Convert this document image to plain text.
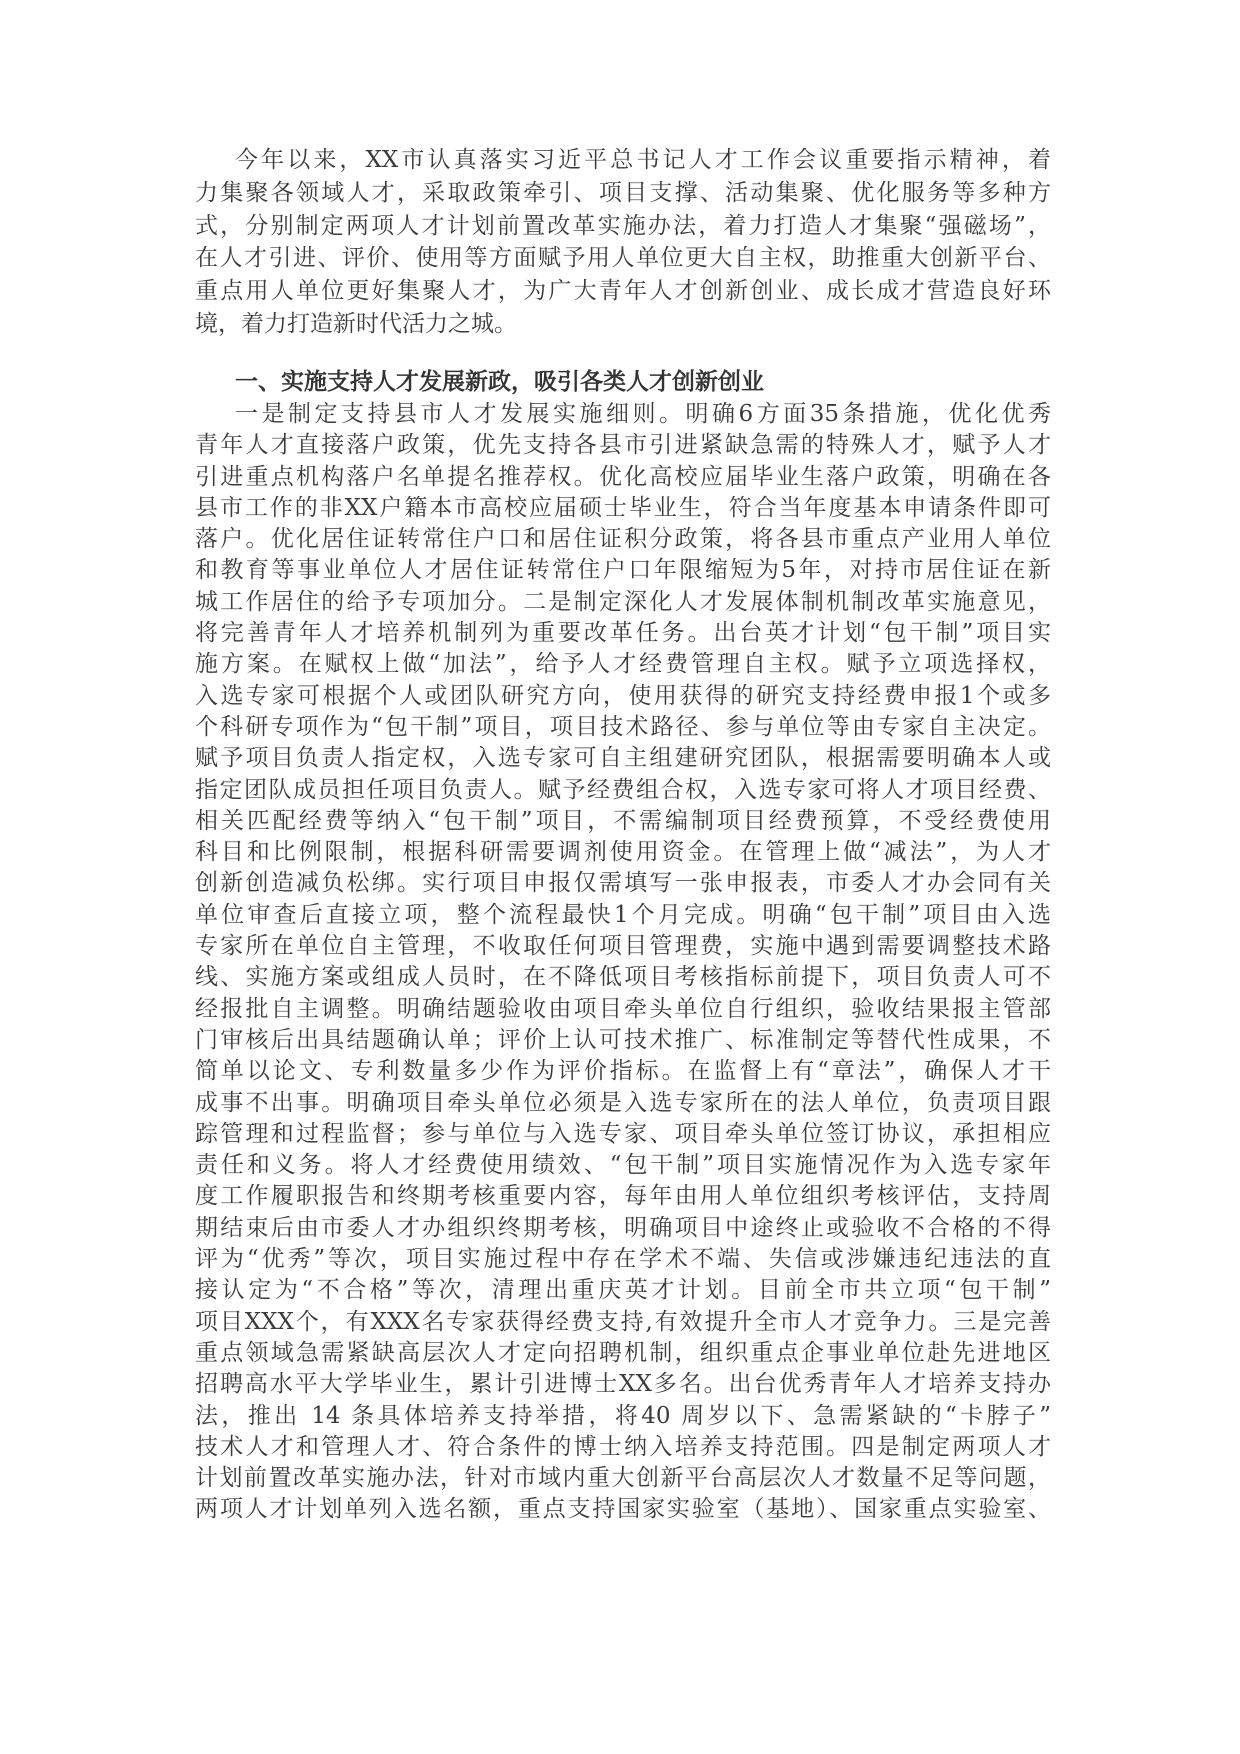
今年以来，XX市认真落实习近平总书记人才工作会议重要指示精神，着
力集聚各领域人才，采取政策牵引、项目支撑、活动集聚、优化服务等多种方
式，分别制定两项人才计划前置改革实施办法，着力打造人才集聚“强磁场”，
在人才引进、评价、使用等方面赋予用人单位更大自主权，助推重大创新平台、
重点用人单位更好集聚人才，为广大青年人才创新创业、成长成才营造良好环
境，着力打造新时代活力之城。
一、实施支持人才发展新政，吸引各类人才创新创业
一是制定支持县市人才发展实施细则。明确6方面35条措施，优化优秀
青年人才直接落户政策，优先支持各县市引进紧缺急需的特殊人才，赋予人才
引进重点机构落户名单提名推荐权。优化高校应届毕业生落户政策，明确在各
县市工作的非XX户籍本市高校应届硕士毕业生，符合当年度基本申请条件即可
落户。优化居住证转常住户口和居住证积分政策，将各县市重点产业用人单位
和教育等事业单位人才居住证转常住户口年限缩短为5年，对持市居住证在新
城工作居住的给予专项加分。二是制定深化人才发展体制机制改革实施意见，
将完善青年人才培养机制列为重要改革任务。出台英才计划“包干制”项目实
施方案。在赋权上做“加法”，给予人才经费管理自主权。赋予立项选择权，
入选专家可根据个人或团队研究方向，使用获得的研究支持经费申报1个或多
个科研专项作为“包干制”项目，项目技术路径、参与单位等由专家自主决定。
赋予项目负责人指定权，入选专家可自主组建研究团队，根据需要明确本人或
指定团队成员担任项目负责人。赋予经费组合权，入选专家可将人才项目经费、
相关匹配经费等纳入“包干制”项目，不需编制项目经费预算，不受经费使用
科目和比例限制，根据科研需要调剂使用资金。在管理上做“减法”，为人才
创新创造减负松绑。实行项目申报仅需填写一张申报表，市委人才办会同有关
单位审查后直接立项，整个流程最快1个月完成。明确“包干制”项目由入选
专家所在单位自主管理，不收取任何项目管理费，实施中遇到需要调整技术路
线、实施方案或组成人员时，在不降低项目考核指标前提下，项目负责人可不
经报批自主调整。明确结题验收由项目牵头单位自行组织，验收结果报主管部
门审核后出具结题确认单；评价上认可技术推广、标准制定等替代性成果，不
简单以论文、专利数量多少作为评价指标。在监督上有“章法”，确保人才干
成事不出事。明确项目牵头单位必须是入选专家所在的法人单位，负责项目跟
踪管理和过程监督；参与单位与入选专家、项目牵头单位签订协议，承担相应
责任和义务。将人才经费使用绩效、“包干制”项目实施情况作为入选专家年
度工作履职报告和终期考核重要内容，每年由用人单位组织考核评估，支持周
期结束后由市委人才办组织终期考核，明确项目中途终止或验收不合格的不得
评为“优秀”等次，项目实施过程中存在学术不端、失信或涉嫌违纪违法的直
接认定为“不合格”等次，清理出重庆英才计划。目前全市共立项“包干制”
项目XXX个，有XXX名专家获得经费支持,有效提升全市人才竞争力。三是完善
重点领域急需紧缺高层次人才定向招聘机制，组织重点企事业单位赴先进地区
招聘高水平大学毕业生，累计引进博士XX多名。出台优秀青年人才培养支持办
法，推出 14 条具体培养支持举措，将40 周岁以下、急需紧缺的“卡脖子”
技术人才和管理人才、符合条件的博士纳入培养支持范围。四是制定两项人才
计划前置改革实施办法，针对市域内重大创新平台高层次人才数量不足等问题，
两项人才计划单列入选名额，重点支持国家实验室（基地）、国家重点实验室、
